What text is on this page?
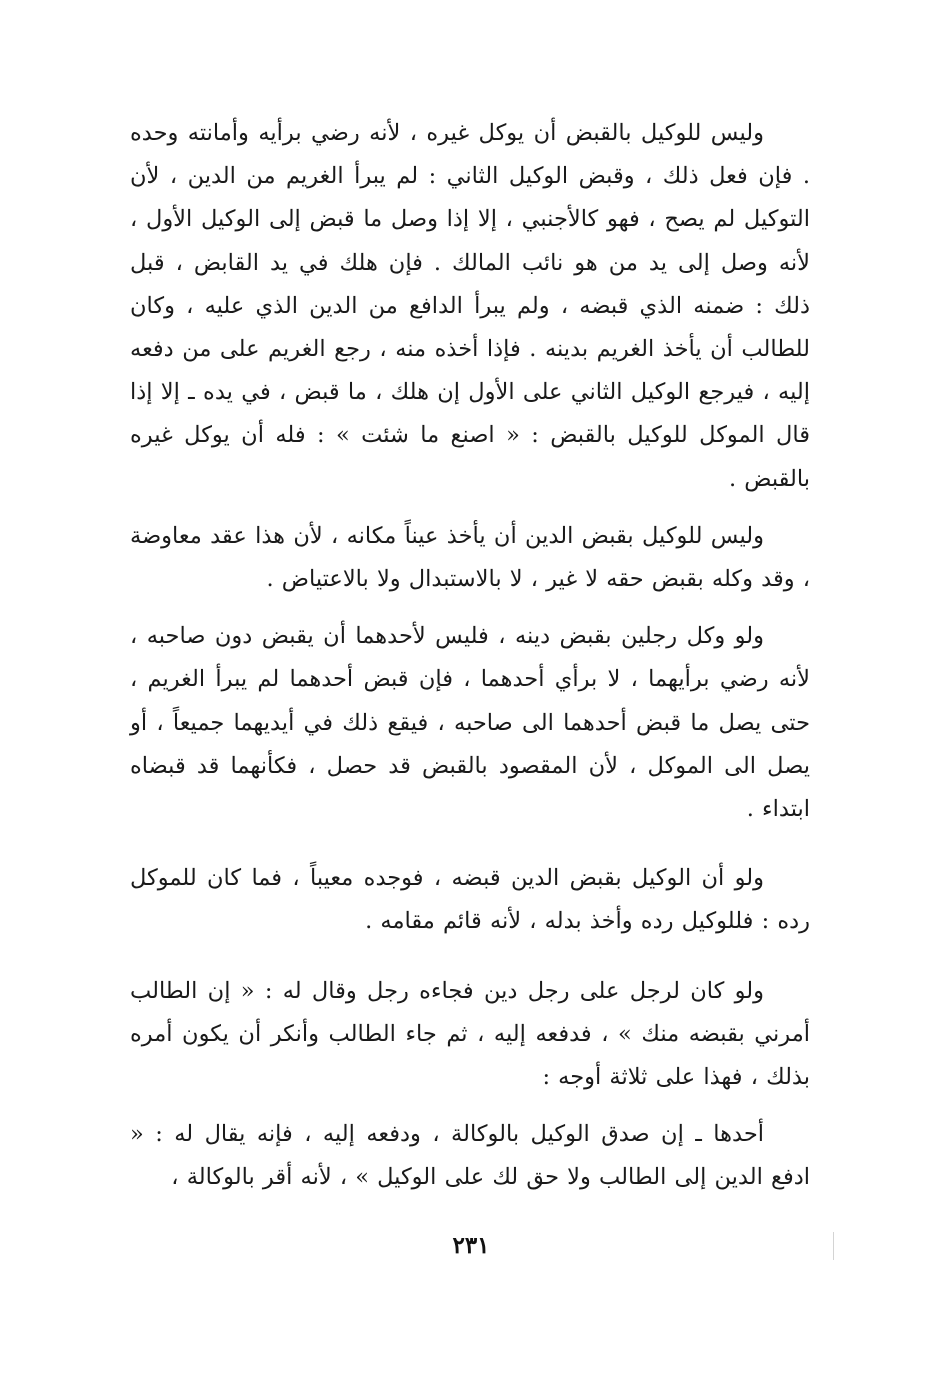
وليس للوكيل بالقبض أن يوكل غيره ، لأنه رضي برأيه وأمانته وحده . فإن فعل ذلك ، وقبض الوكيل الثاني : لم يبرأ الغريم من الدين ، لأن التوكيل لم يصح ، فهو كالأجنبي ، إلا إذا وصل ما قبض إلى الوكيل الأول ، لأنه وصل إلى يد من هو نائب المالك . فإن هلك في يد القابض ، قبل ذلك : ضمنه الذي قبضه ، ولم يبرأ الدافع من الدين الذي عليه ، وكان للطالب أن يأخذ الغريم بدينه . فإذا أخذه منه ، رجع الغريم على من دفعه إليه ، فيرجع الوكيل الثاني على الأول إن هلك ، ما قبض ، في يده ـ إلا إذا قال الموكل للوكيل بالقبض : « اصنع ما شئت » : فله أن يوكل غيره بالقبض .

وليس للوكيل بقبض الدين أن يأخذ عيناً مكانه ، لأن هذا عقد معاوضة ، وقد وكله بقبض حقه لا غير ، لا بالاستبدال ولا بالاعتياض .

ولو وكل رجلين بقبض دينه ، فليس لأحدهما أن يقبض دون صاحبه ، لأنه رضي برأيهما ، لا برأي أحدهما ، فإن قبض أحدهما لم يبرأ الغريم ، حتى يصل ما قبض أحدهما الى صاحبه ، فيقع ذلك في أيديهما جميعاً ، أو يصل الى الموكل ، لأن المقصود بالقبض قد حصل ، فكأنهما قد قبضاه ابتداء .

ولو أن الوكيل بقبض الدين قبضه ، فوجده معيباً ، فما كان للموكل رده : فللوكيل رده وأخذ بدله ، لأنه قائم مقامه .

ولو كان لرجل على رجل دين فجاءه رجل وقال له : « إن الطالب أمرني بقبضه منك » ، فدفعه إليه ، ثم جاء الطالب وأنكر أن يكون أمره بذلك ، فهذا على ثلاثة أوجه :

أحدها ـ إن صدق الوكيل بالوكالة ، ودفعه إليه ، فإنه يقال له : « ادفع الدين إلى الطالب ولا حق لك على الوكيل » ، لأنه أقر بالوكالة ،

٢٣١
